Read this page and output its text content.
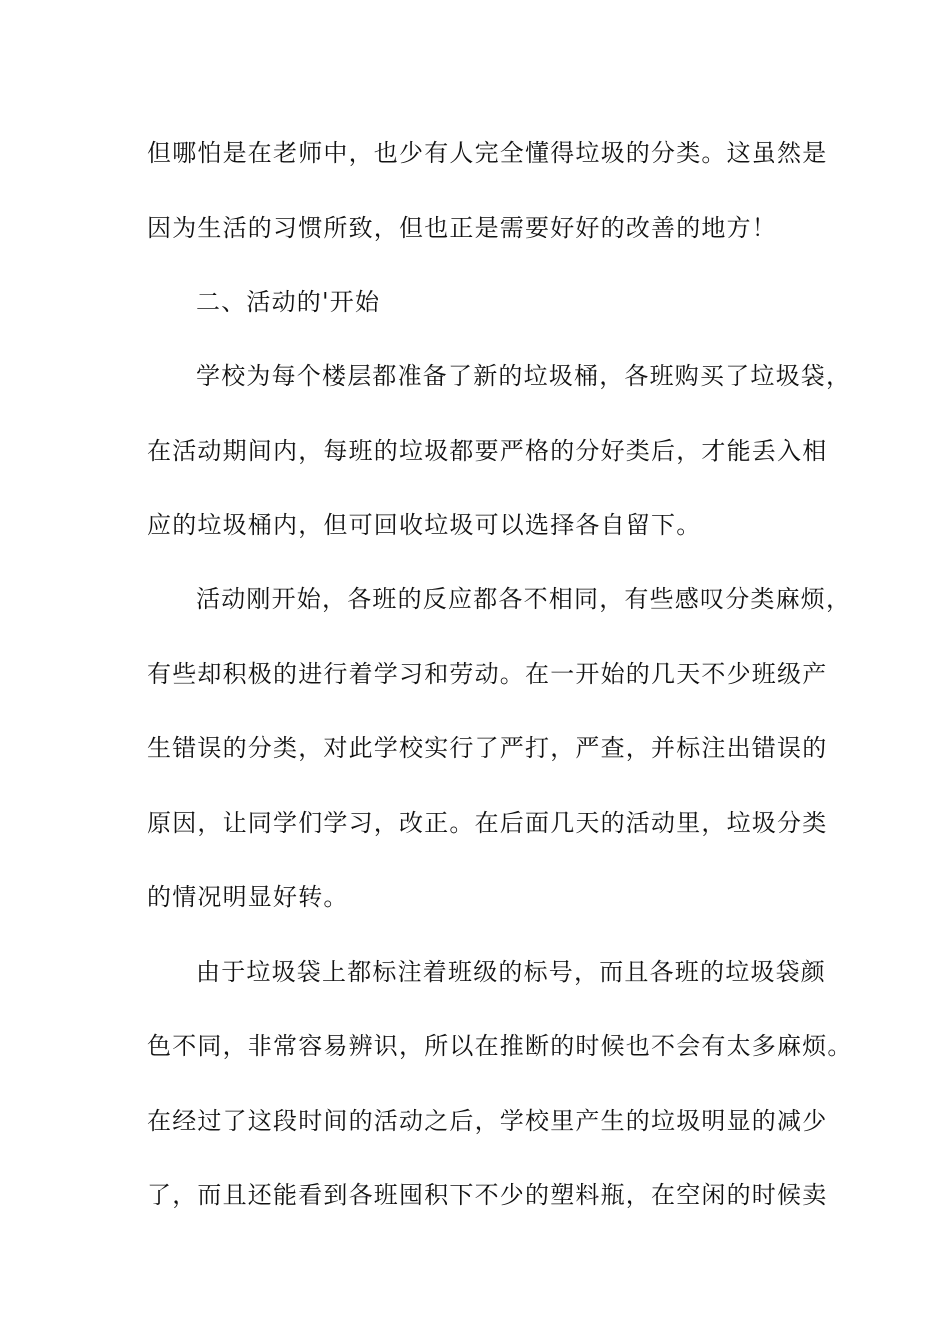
但哪怕是在老师中，也少有人完全懂得垃圾的分类。这虽然是
因为生活的习惯所致，但也正是需要好好的改善的地方！
二、活动的'开始
学校为每个楼层都准备了新的垃圾桶，各班购买了垃圾袋，
在活动期间内，每班的垃圾都要严格的分好类后，才能丢入相
应的垃圾桶内，但可回收垃圾可以选择各自留下。
活动刚开始，各班的反应都各不相同，有些感叹分类麻烦，
有些却积极的进行着学习和劳动。在一开始的几天不少班级产
生错误的分类，对此学校实行了严打，严查，并标注出错误的
原因，让同学们学习，改正。在后面几天的活动里，垃圾分类
的情况明显好转。
由于垃圾袋上都标注着班级的标号，而且各班的垃圾袋颜
色不同，非常容易辨识，所以在推断的时候也不会有太多麻烦。
在经过了这段时间的活动之后，学校里产生的垃圾明显的减少
了，而且还能看到各班囤积下不少的塑料瓶，在空闲的时候卖
